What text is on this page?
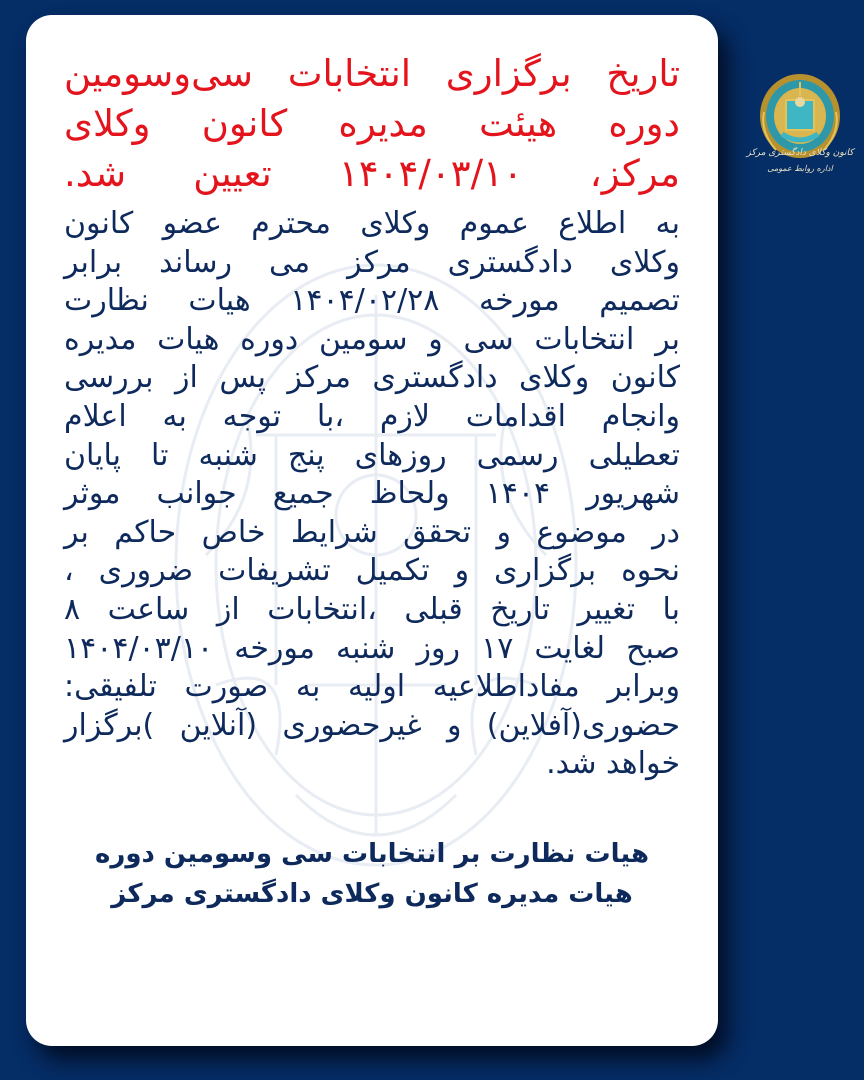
تاریخ برگزاری انتخابات سی‌وسومین
دوره هیئت مدیره کانون وکلای
مرکز، ۱۴۰۴/۰۳/۱۰ تعیین شد.
به اطلاع عموم وکلای محترم عضو کانون
وکلای دادگستری مرکز می رساند برابر
تصمیم مورخه ۱۴۰۴/۰۲/۲۸ هیات نظارت
بر انتخابات سی و سومین دوره هیات مدیره
کانون وکلای دادگستری مرکز پس از بررسی
وانجام اقدامات لازم ،با توجه به اعلام
تعطیلی رسمی روزهای پنج شنبه تا پایان
شهریور ۱۴۰۴ ولحاظ جمیع جوانب موثر
در موضوع و تحقق شرایط خاص حاکم بر
نحوه برگزاری و تکمیل تشریفات ضروری ،
با تغییر تاریخ قبلی ،انتخابات از ساعت ۸
صبح لغایت ۱۷ روز شنبه مورخه ۱۴۰۴/۰۳/۱۰
وبرابر مفاداطلاعیه اولیه به صورت تلفیقی:
حضوری(آفلاین) و غیرحضوری (آنلاین )برگزار
خواهد شد.
هیات نظارت بر انتخابات سی وسومین دوره
هیات مدیره کانون وکلای دادگستری مرکز
کانون وکلای دادگستری مرکز
اداره روابط عمومی
